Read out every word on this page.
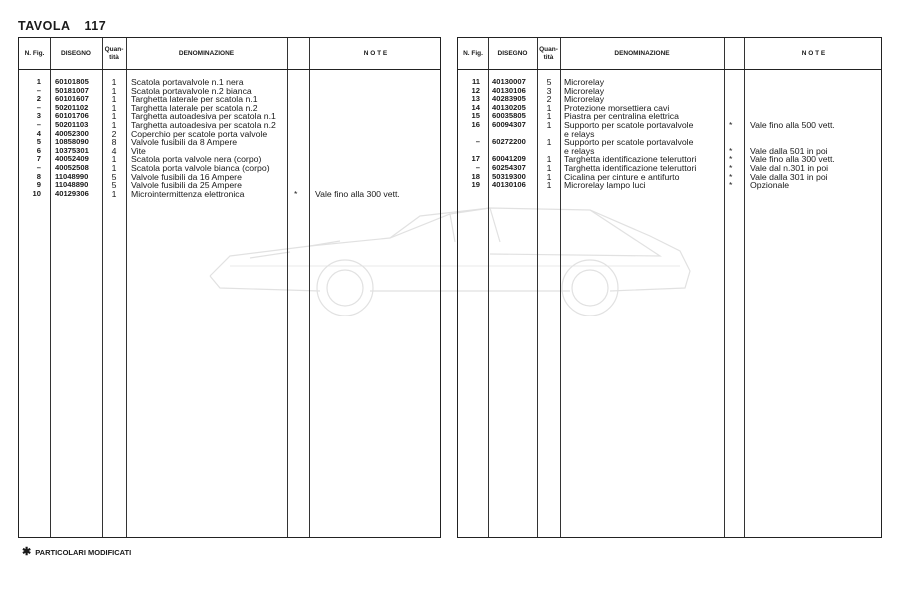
TAVOLA 117
N. Fig.	DISEGNO
Quan- tità
DENOMINAZIONE	N O T E
1 60101805	1	Scatola portavalvole n.1 nera
– 50181007	1	Scatola portavalvole n.2 bianca
2 60101607	1	Targhetta laterale per scatola n.1
– 50201102	1	Targhetta laterale per scatola n.2
3 60101706	1	Targhetta autoadesiva per scatola n.1
– 50201103	1	Targhetta autoadesiva per scatola n.2
4 40052300	2	Coperchio per scatole porta valvole
5 10858090	8	Valvole fusibili da 8 Ampere
6 10375301	4	Vite
7 40052409	1	Scatola porta valvole nera (corpo)
– 40052508	1	Scatola porta valvole bianca (corpo)
8 11048990	5	Valvole fusibili da 16 Ampere
9 11048890	5	Valvole fusibili da 25 Ampere
10 40129306	1	Microintermittenza elettronica	* Vale fino alla 300 vett.
N. Fig.	DISEGNO
Quan- tità
DENOMINAZIONE	N O T E
11 40130007	5	Microrelay
12 40130106	3	Microrelay
13 40283905	2	Microrelay
14 40130205	1	Protezione morsettiera cavi
15 60035805	1	Piastra per centralina elettrica
16 60094307	1	Supporto per scatole portavalvole	* Vale fino alla 500 vett.
e relays
– 60272200	1	Supporto per scatole portavalvole
e relays	* Vale dalla 501 in poi
17 60041209	1	Targhetta identificazione teleruttori	* Vale fino alla 300 vett.
– 60254307	1	Targhetta identificazione teleruttori	* Vale dal n.301 in poi
18 50319300	1	Cicalina per cinture e antifurto	* Vale dalla 301 in poi
19 40130106	1	Microrelay lampo luci	* Opzionale
✱ PARTICOLARI MODIFICATI
